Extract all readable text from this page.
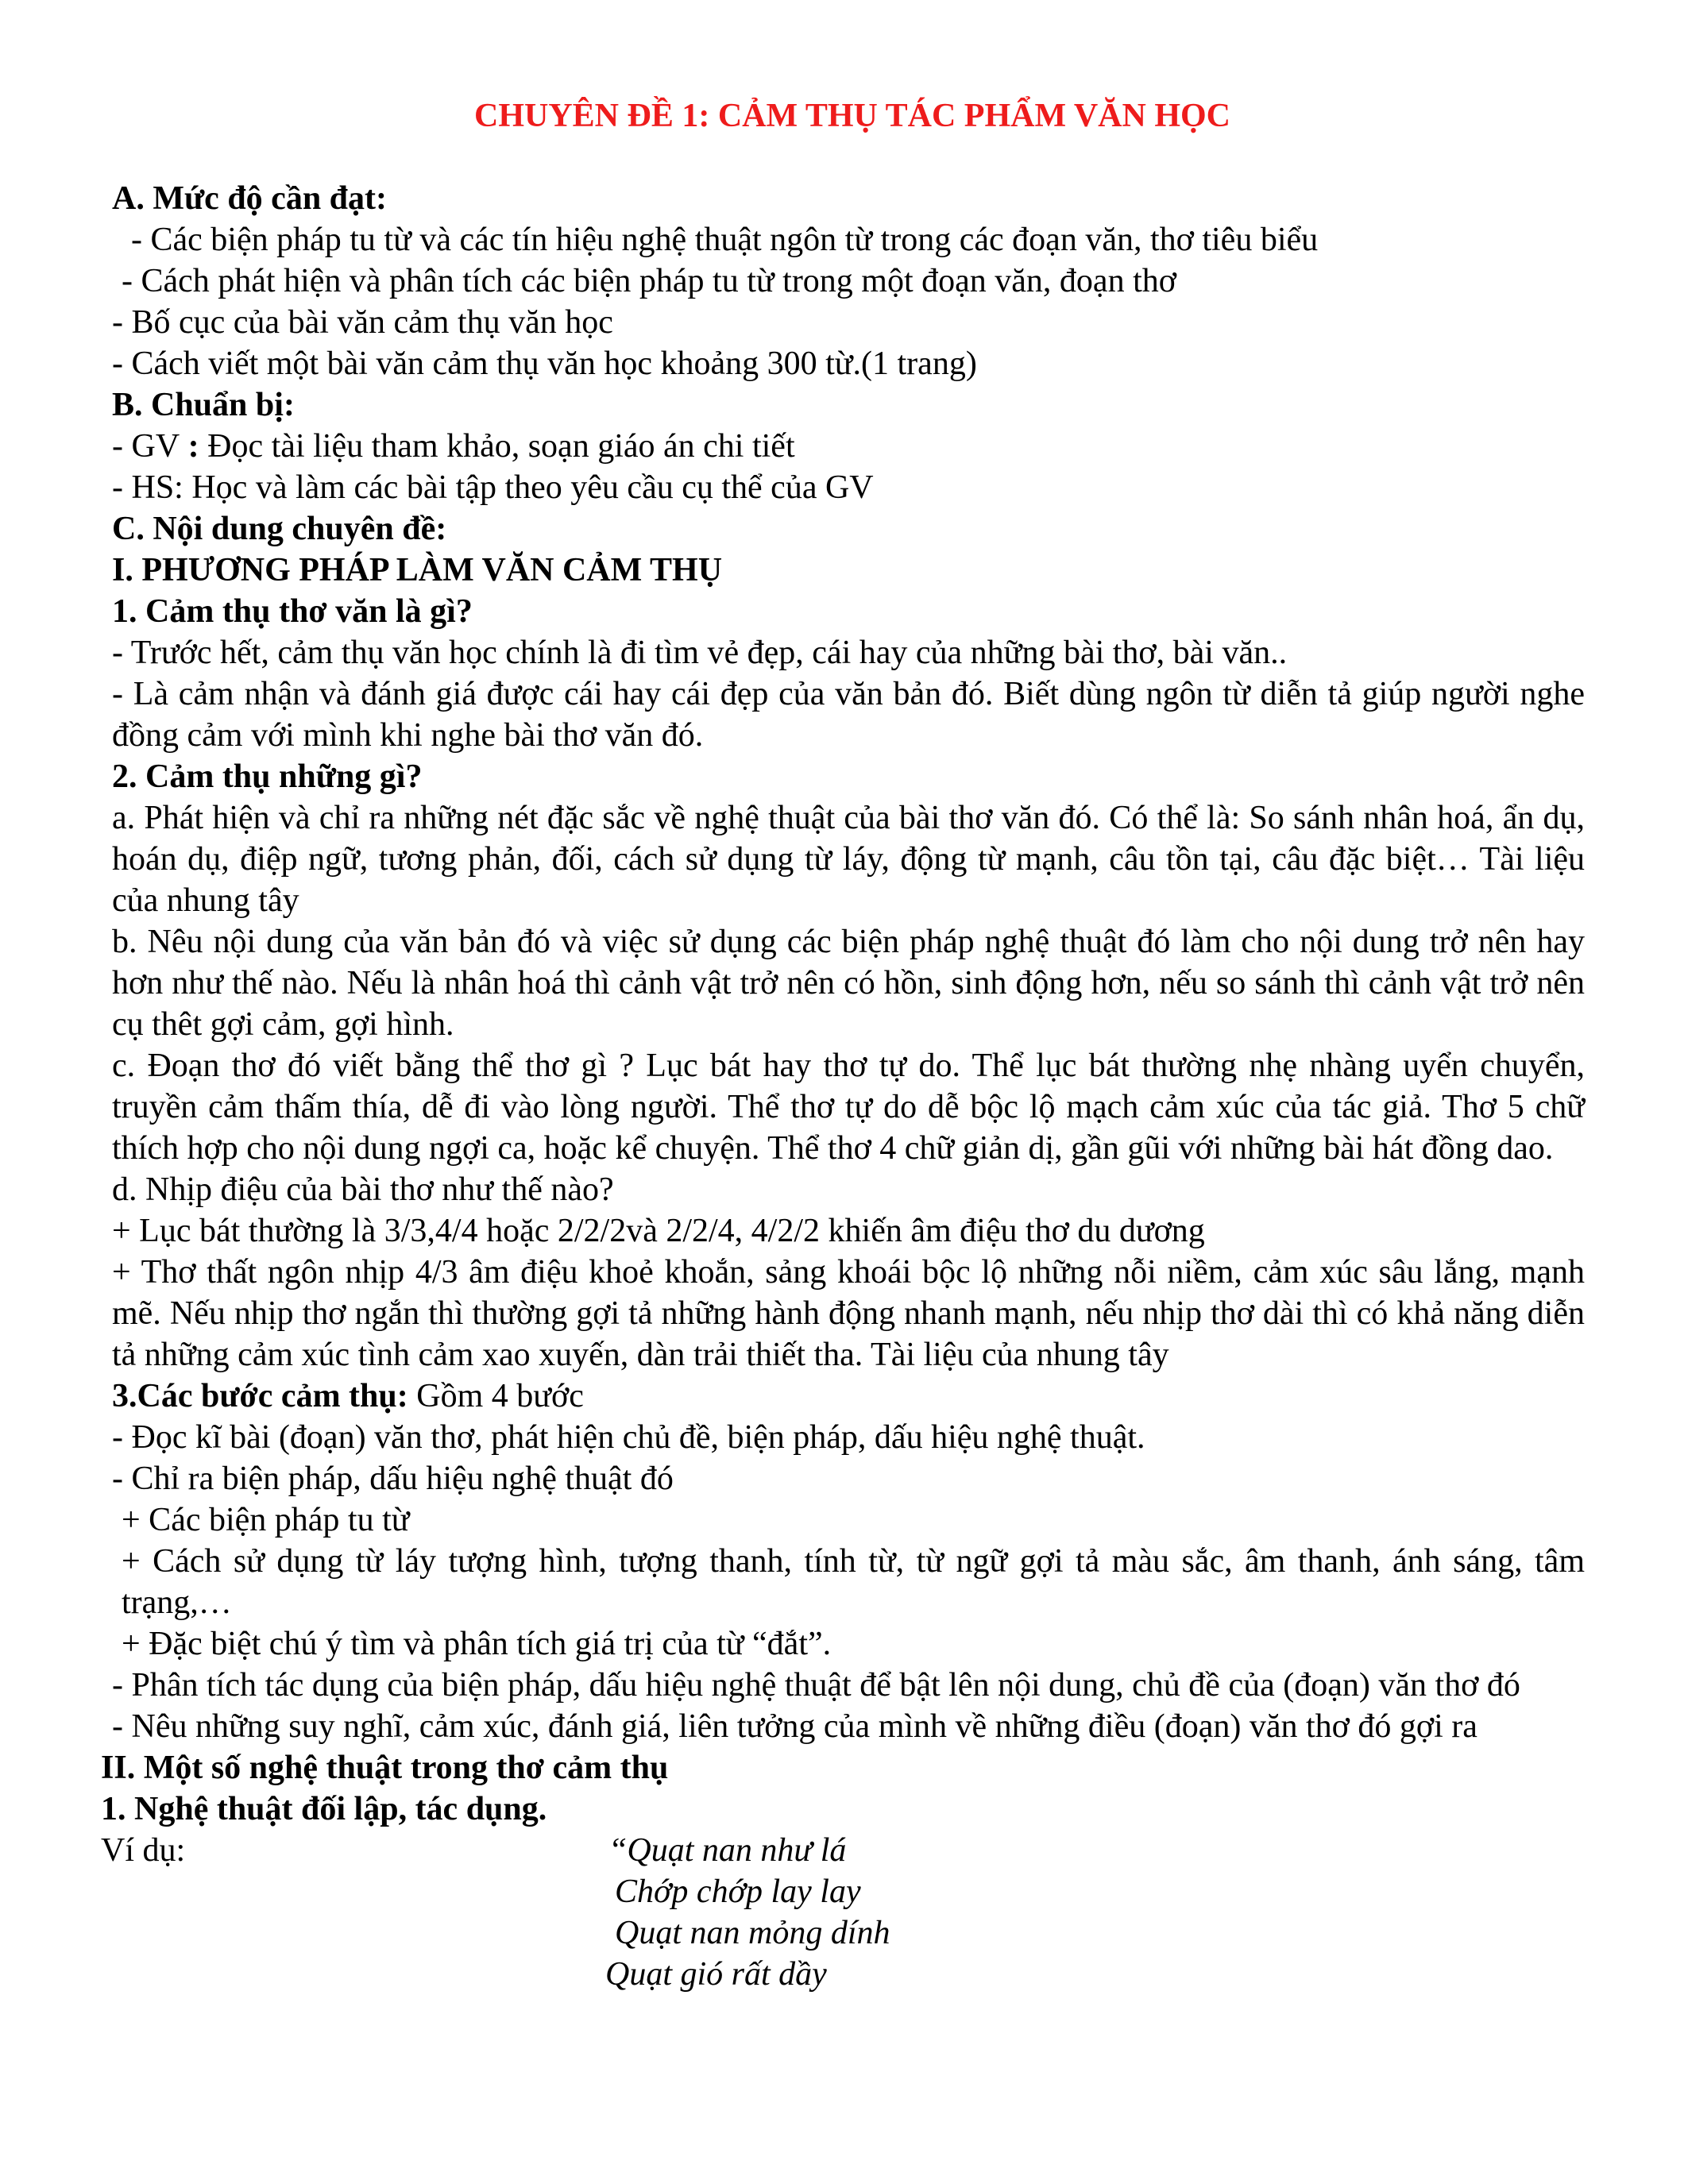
CHUYÊN ĐỀ 1: CẢM THỤ TÁC PHẨM VĂN HỌC

A. Mức độ cần đạt:

- Các biện pháp tu từ và các tín hiệu nghệ thuật ngôn từ trong các đoạn văn, thơ tiêu biểu

- Cách phát hiện và phân tích các biện pháp tu từ trong một đoạn văn, đoạn thơ

- Bố cục của bài văn cảm thụ văn học

- Cách viết một bài văn cảm thụ văn học khoảng 300 từ.(1 trang)

B. Chuẩn bị:

- GV : Đọc tài liệu tham khảo, soạn giáo án chi tiết

- HS: Học và làm các bài tập theo yêu cầu cụ thể của GV

C. Nội dung chuyên đề:

I. PHƯƠNG PHÁP LÀM VĂN CẢM THỤ

1. Cảm thụ thơ văn là gì?

- Trước hết, cảm thụ văn học chính là đi tìm vẻ đẹp, cái hay của những bài thơ, bài văn..

- Là cảm nhận và đánh giá được cái hay cái đẹp của văn bản đó. Biết dùng ngôn từ diễn tả giúp người nghe đồng cảm với mình khi nghe bài thơ văn đó.

2. Cảm thụ những gì?

a. Phát hiện và chỉ ra những nét đặc sắc về nghệ thuật của bài thơ văn đó. Có thể là: So sánh nhân hoá, ẩn dụ, hoán dụ, điệp ngữ, tương phản, đối, cách sử dụng từ láy, động từ mạnh, câu tồn tại, câu đặc biệt… Tài liệu của nhung tây

b. Nêu nội dung của văn bản đó và việc sử dụng các biện pháp nghệ thuật đó làm cho nội dung trở nên hay hơn như thế nào. Nếu là nhân hoá thì cảnh vật trở nên có hồn, sinh động hơn, nếu so sánh thì cảnh vật trở nên cụ thêt gợi cảm, gợi hình.

c. Đoạn thơ đó viết bằng thể thơ gì ? Lục bát hay thơ tự do. Thể lục bát thường nhẹ nhàng uyển chuyển, truyền cảm thấm thía, dễ đi vào lòng người. Thể thơ tự do dễ bộc lộ mạch cảm xúc của tác giả. Thơ 5 chữ thích hợp cho nội dung ngợi ca, hoặc kể chuyện. Thể thơ 4 chữ giản dị, gần gũi với những bài hát đồng dao.

d. Nhịp điệu của bài thơ như thế nào?

+ Lục bát thường là 3/3,4/4 hoặc 2/2/2và 2/2/4, 4/2/2 khiến âm điệu thơ du dương

+ Thơ thất ngôn nhịp 4/3 âm điệu khoẻ khoắn, sảng khoái bộc lộ những nỗi niềm, cảm xúc sâu lắng, mạnh mẽ. Nếu nhịp thơ ngắn thì thường gợi tả những hành động nhanh mạnh, nếu nhịp thơ dài thì có khả năng diễn tả những cảm xúc tình cảm xao xuyến, dàn trải thiết tha. Tài liệu của nhung tây

3.Các bước cảm thụ: Gồm 4 bước

- Đọc kĩ bài (đoạn) văn thơ, phát hiện chủ đề, biện pháp, dấu hiệu nghệ thuật.

- Chỉ ra biện pháp, dấu hiệu nghệ thuật đó

+ Các biện pháp tu từ

+ Cách sử dụng từ láy tượng hình, tượng thanh, tính từ, từ ngữ gợi tả màu sắc, âm thanh, ánh sáng, tâm trạng,…

+ Đặc biệt chú ý tìm và phân tích giá trị của từ “đắt”.

- Phân tích tác dụng của biện pháp, dấu hiệu nghệ thuật để bật lên nội dung, chủ đề của (đoạn) văn thơ đó

- Nêu những suy nghĩ, cảm xúc, đánh giá, liên tưởng của mình về những điều (đoạn) văn thơ đó gợi ra

II. Một số nghệ thuật trong thơ cảm thụ

1. Nghệ thuật đối lập, tác dụng.

Ví dụ:	“Quạt nan như lá
Chớp chớp lay lay
Quạt nan mỏng dính
Quạt gió rất dầy
